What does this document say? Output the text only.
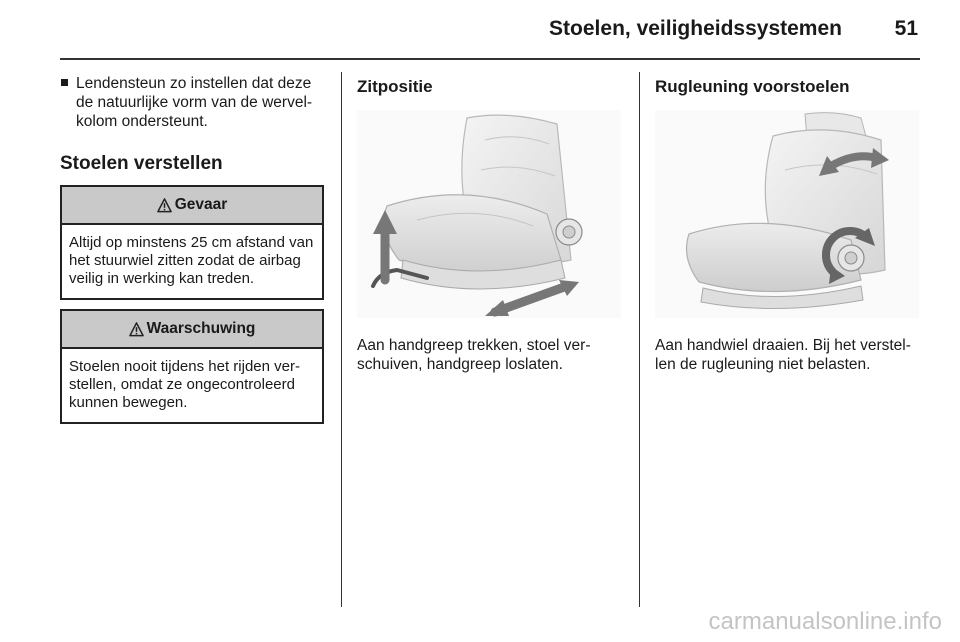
Stoelen, veiligheidssystemen	51
Lendensteun zo instellen dat deze de natuurlijke vorm van de wervel-kolom ondersteunt.
Stoelen verstellen
Gevaar
Altijd op minstens 25 cm afstand van het stuurwiel zitten zodat de airbag veilig in werking kan treden.
Waarschuwing
Stoelen nooit tijdens het rijden ver-stellen, omdat ze ongecontroleerd kunnen bewegen.
Zitpositie
Aan handgreep trekken, stoel ver-schuiven, handgreep loslaten.
Rugleuning voorstoelen
Aan handwiel draaien. Bij het verstel-len de rugleuning niet belasten.
carmanualsonline.info
